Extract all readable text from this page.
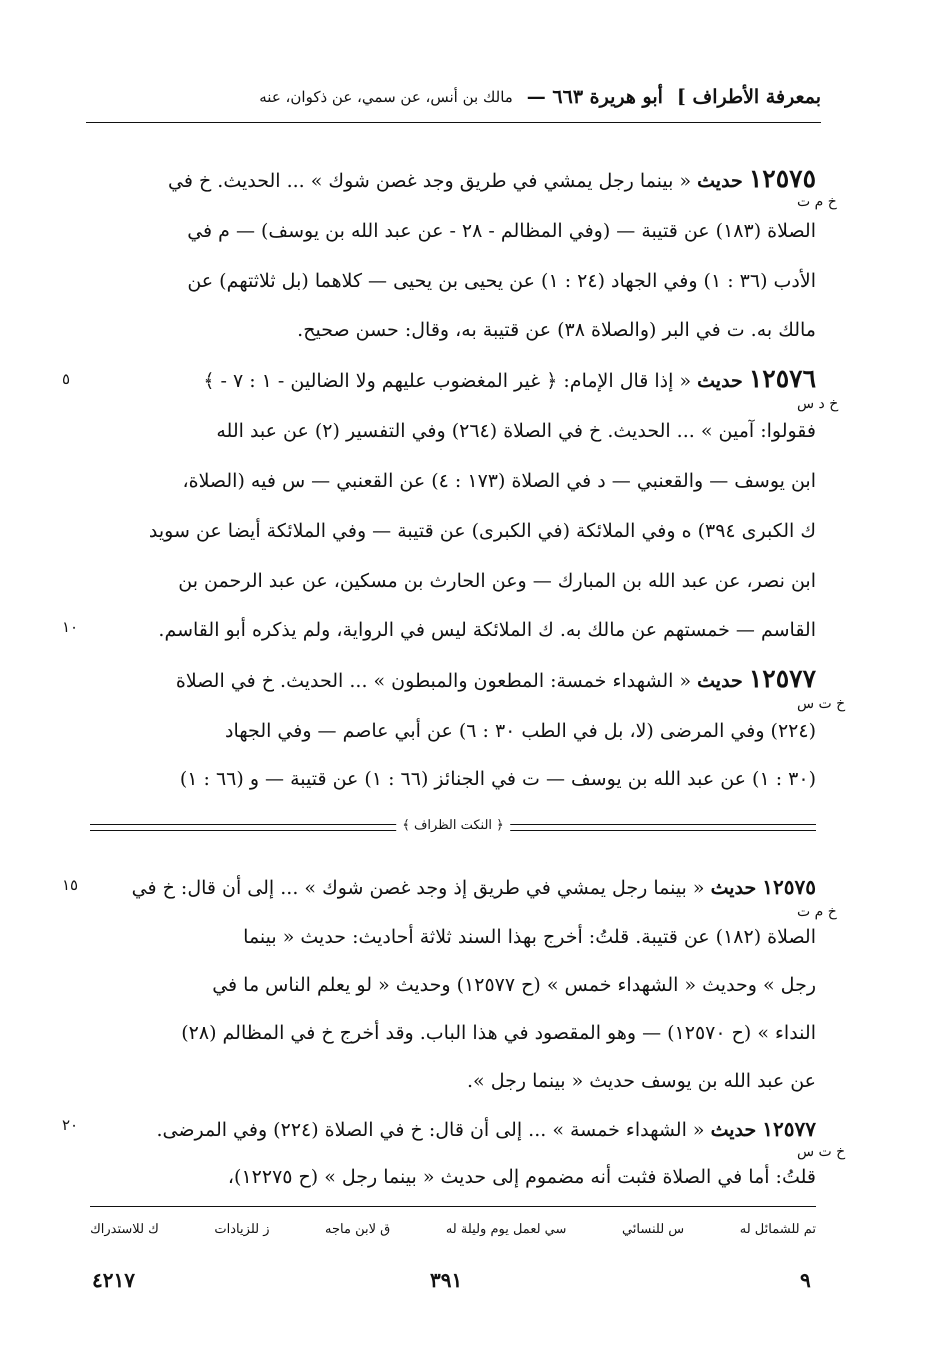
بمعرفة الأطراف ]
أبو هريرة ٦٦٣ —
مالك بن أنس، عن سمي، عن ذكوان، عنه
١٢٥٧٥ حديث « بينما رجل يمشي في طريق وجد غصن شوك » ... الحديث. خ في
خ م ت
الصلاة (١٨٣) عن قتيبة — (وفي المظالم - ٢٨ - عن عبد الله بن يوسف) — م في
الأدب (٣٦ : ١) وفي الجهاد (٢٤ : ١) عن يحيى بن يحيى — كلاهما (بل ثلاثتهم) عن
مالك به. ت في البر (والصلاة ٣٨) عن قتيبة به، وقال: حسن صحيح.
١٢٥٧٦ حديث « إذا قال الإمام: ﴿ غير المغضوب عليهم ولا الضالين - ١ : ٧ - ﴾
٥
خ د س
فقولوا: آمين » ... الحديث. خ في الصلاة (٢٦٤) وفي التفسير (٢) عن عبد الله
ابن يوسف — والقعنبي — د في الصلاة (١٧٣ : ٤) عن القعنبي — س فيه (الصلاة،
ك الكبرى ٣٩٤) ه وفي الملائكة (في الكبرى) عن قتيبة — وفي الملائكة أيضا عن سويد
ابن نصر، عن عبد الله بن المبارك — وعن الحارث بن مسكين، عن عبد الرحمن بن
القاسم — خمستهم عن مالك به. ك الملائكة ليس في الرواية، ولم يذكره أبو القاسم.
١٠
١٢٥٧٧ حديث « الشهداء خمسة: المطعون والمبطون » ... الحديث. خ في الصلاة
خ ت س
(٢٢٤) وفي المرضى (لا، بل في الطب ٣٠ : ٦) عن أبي عاصم — وفي الجهاد
(٣٠ : ١) عن عبد الله بن يوسف — ت في الجنائز (٦٦ : ١) عن قتيبة — و (٦٦ : ١)
﴿ النكت الظراف ﴾
١٢٥٧٥ حديث « بينما رجل يمشي في طريق إذ وجد غصن شوك » ... إلى أن قال: خ في
١٥
خ م ت
الصلاة (١٨٢) عن قتيبة. قلتُ: أخرج بهذا السند ثلاثة أحاديث: حديث « بينما
رجل » وحديث « الشهداء خمس » (ح ١٢٥٧٧) وحديث « لو يعلم الناس ما في
النداء » (ح ١٢٥٧٠) — وهو المقصود في هذا الباب. وقد أخرج خ في المظالم (٢٨)
عن عبد الله بن يوسف حديث « بينما رجل ».
١٢٥٧٧ حديث « الشهداء خمسة » ... إلى أن قال: خ في الصلاة (٢٢٤) وفي المرضى.
٢٠
خ ت س
قلتُ: أما في الصلاة فثبت أنه مضموم إلى حديث « بينما رجل » (ح ١٢٢٧٥)،
تم للشمائل له
س للنسائي
سي لعمل يوم وليلة له
ق لابن ماجه
ز للزيادات
ك للاستدراك
٤٢١٧	٣٩١	٩
